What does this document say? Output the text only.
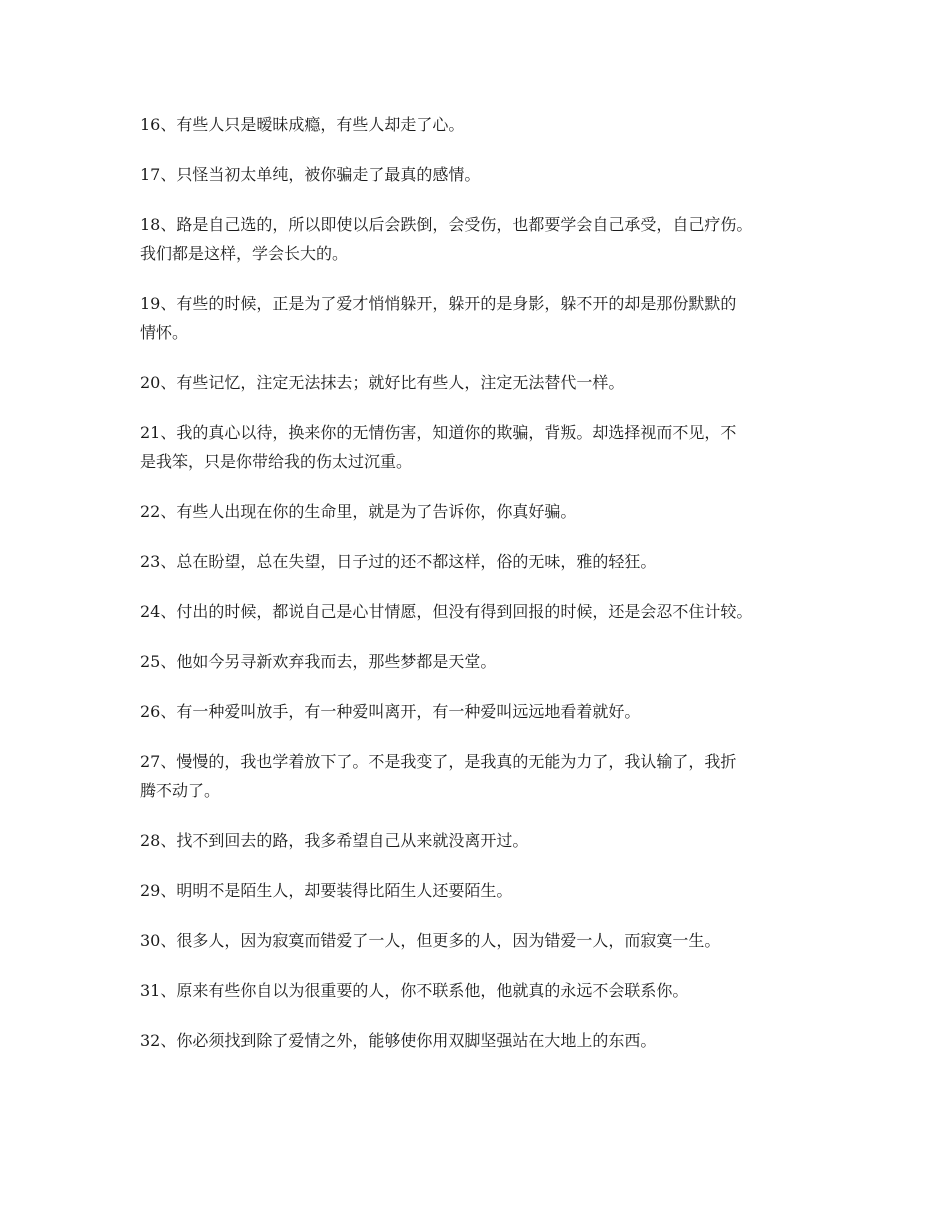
16、有些人只是暧昧成瘾，有些人却走了心。

17、只怪当初太单纯，被你骗走了最真的感情。

18、路是自己选的，所以即使以后会跌倒，会受伤，也都要学会自己承受，自己疗伤。
我们都是这样，学会长大的。

19、有些的时候，正是为了爱才悄悄躲开，躲开的是身影，躲不开的却是那份默默的
情怀。

20、有些记忆，注定无法抹去；就好比有些人，注定无法替代一样。

21、我的真心以待，换来你的无情伤害，知道你的欺骗，背叛。却选择视而不见，不
是我笨，只是你带给我的伤太过沉重。

22、有些人出现在你的生命里，就是为了告诉你，你真好骗。

23、总在盼望，总在失望，日子过的还不都这样，俗的无味，雅的轻狂。

24、付出的时候，都说自己是心甘情愿，但没有得到回报的时候，还是会忍不住计较。

25、他如今另寻新欢弃我而去，那些梦都是天堂。

26、有一种爱叫放手，有一种爱叫离开，有一种爱叫远远地看着就好。

27、慢慢的，我也学着放下了。不是我变了，是我真的无能为力了，我认输了，我折
腾不动了。

28、找不到回去的路，我多希望自己从来就没离开过。

29、明明不是陌生人，却要装得比陌生人还要陌生。

30、很多人，因为寂寞而错爱了一人，但更多的人，因为错爱一人，而寂寞一生。

31、原来有些你自以为很重要的人，你不联系他，他就真的永远不会联系你。

32、你必须找到除了爱情之外，能够使你用双脚坚强站在大地上的东西。
